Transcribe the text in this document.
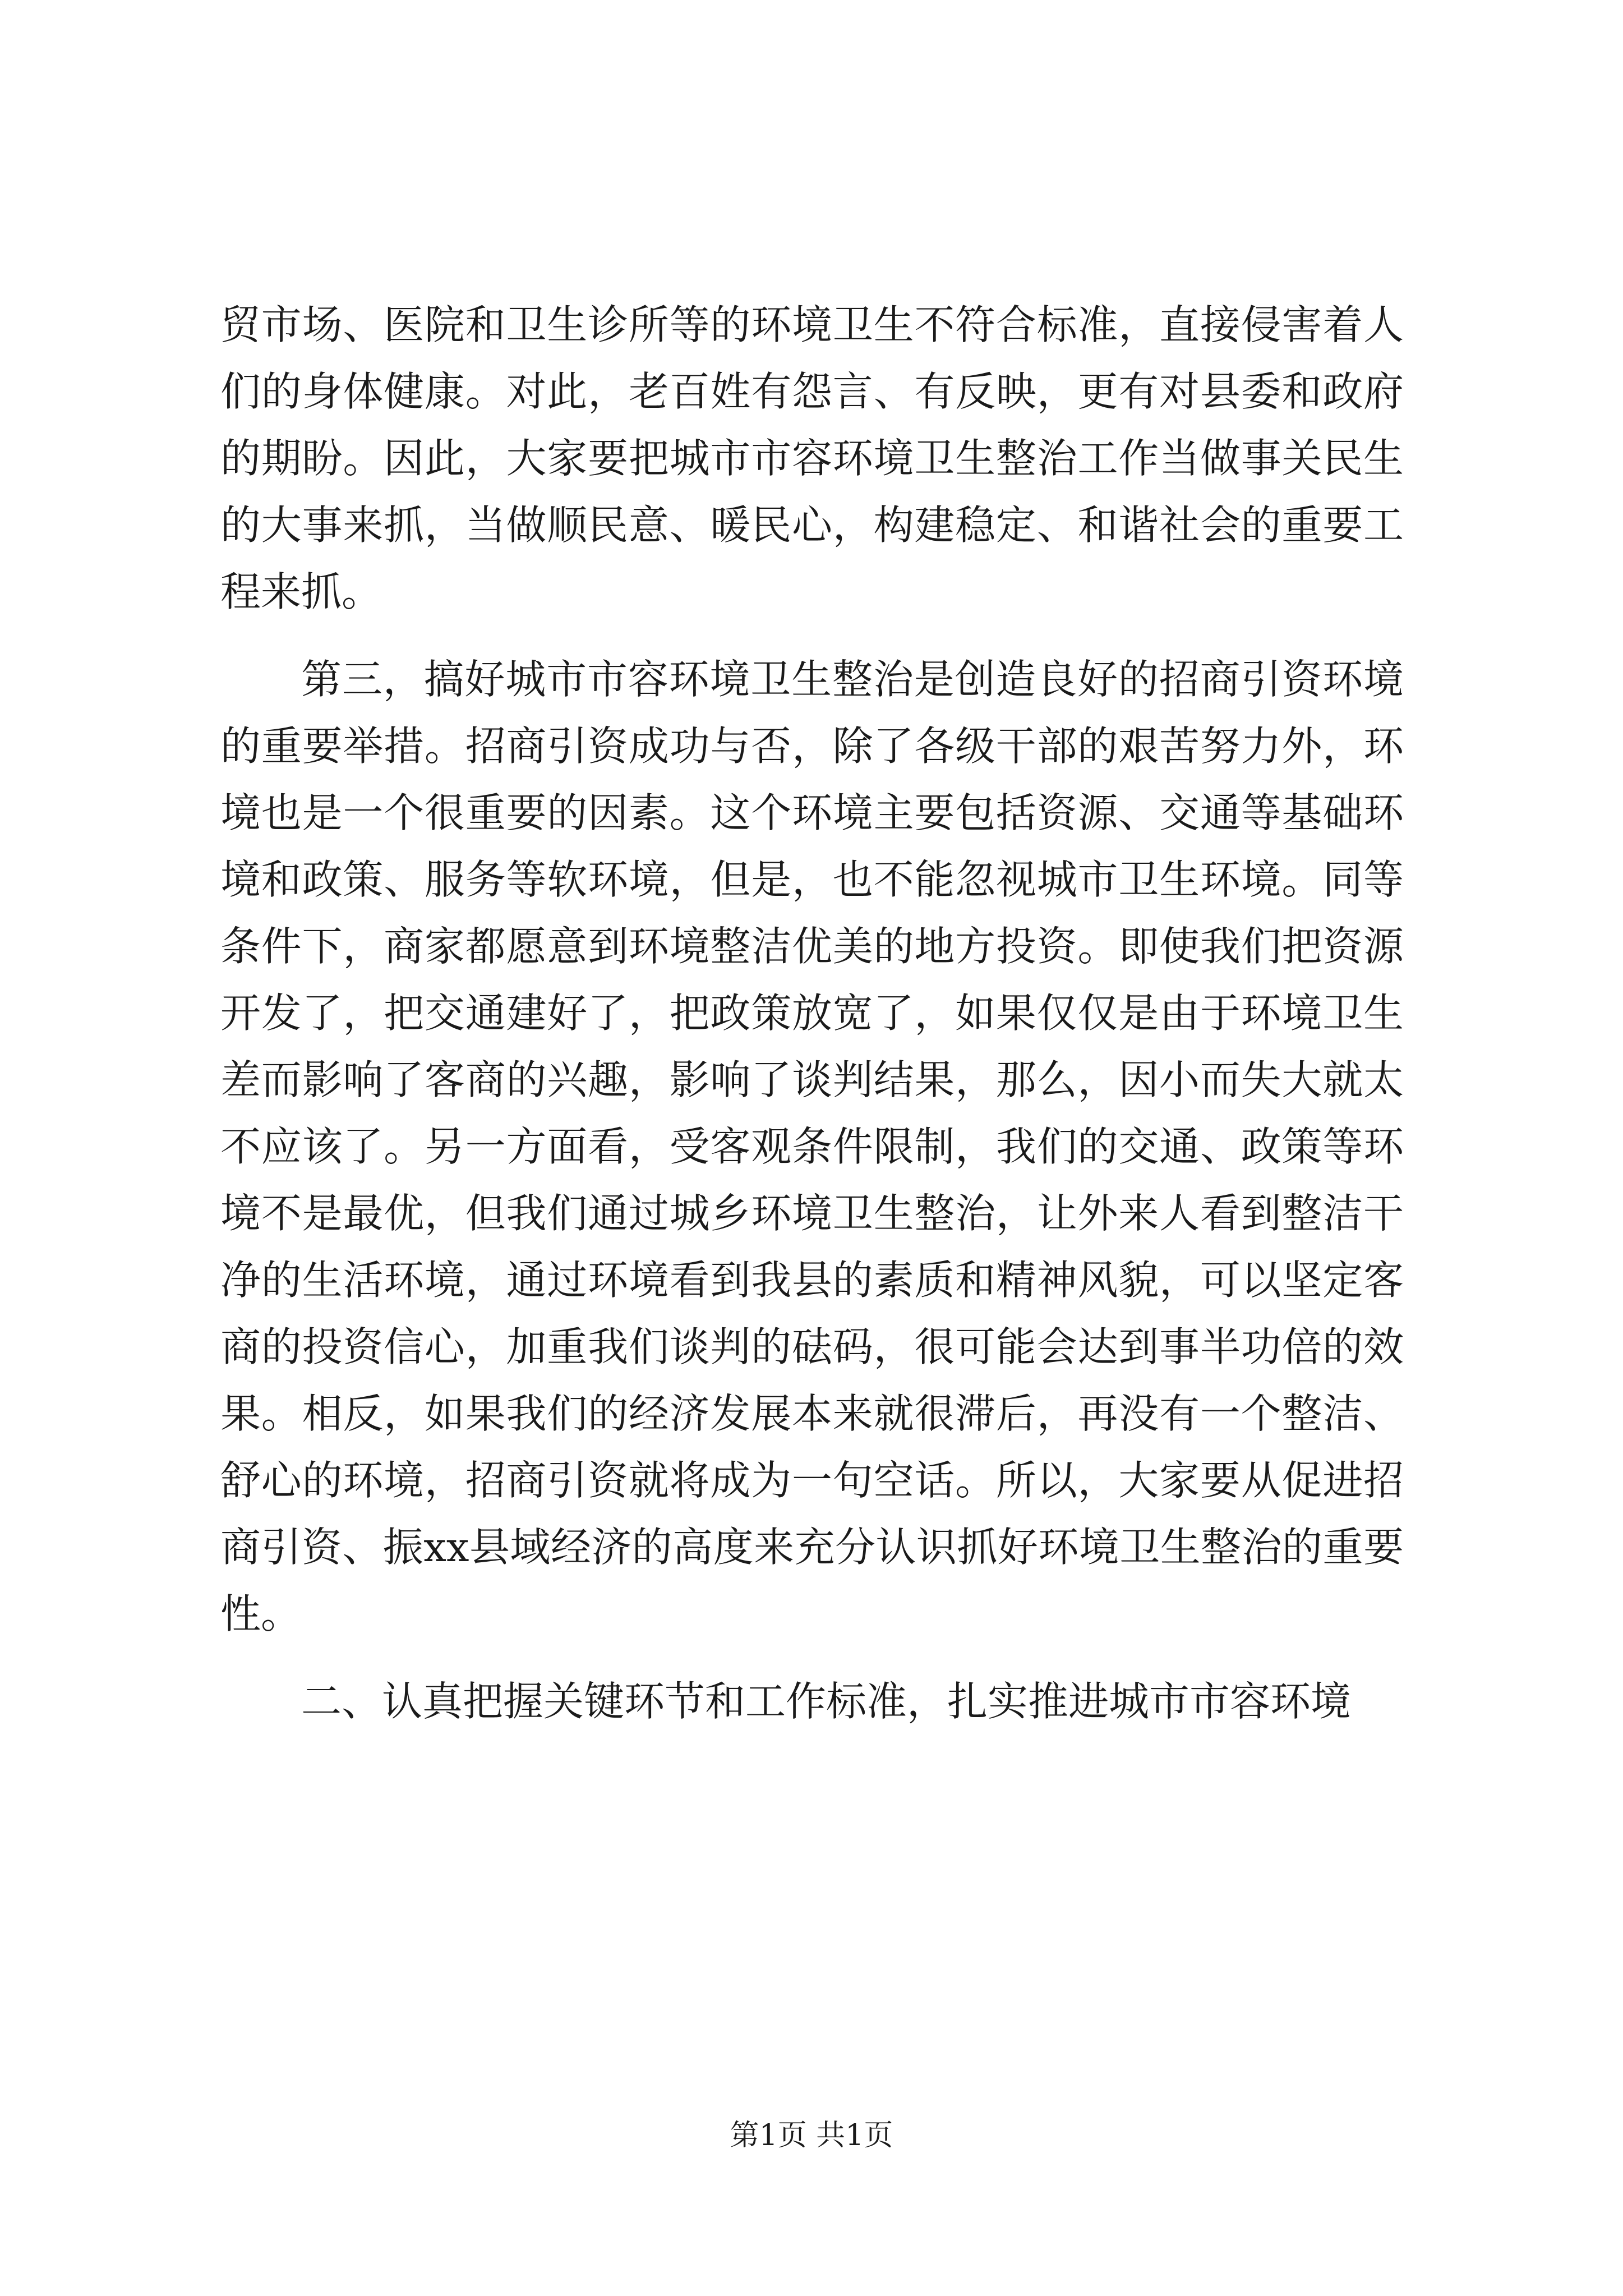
贸市场、医院和卫生诊所等的环境卫生不符合标准，直接侵害着人们的身体健康。对此，老百姓有怨言、有反映，更有对县委和政府的期盼。因此，大家要把城市市容环境卫生整治工作当做事关民生的大事来抓，当做顺民意、暖民心，构建稳定、和谐社会的重要工程来抓。

第三，搞好城市市容环境卫生整治是创造良好的招商引资环境的重要举措。招商引资成功与否，除了各级干部的艰苦努力外，环境也是一个很重要的因素。这个环境主要包括资源、交通等基础环境和政策、服务等软环境，但是，也不能忽视城市卫生环境。同等条件下，商家都愿意到环境整洁优美的地方投资。即使我们把资源开发了，把交通建好了，把政策放宽了，如果仅仅是由于环境卫生差而影响了客商的兴趣，影响了谈判结果，那么，因小而失大就太不应该了。另一方面看，受客观条件限制，我们的交通、政策等环境不是最优，但我们通过城乡环境卫生整治，让外来人看到整洁干净的生活环境，通过环境看到我县的素质和精神风貌，可以坚定客商的投资信心，加重我们谈判的砝码，很可能会达到事半功倍的效果。相反，如果我们的经济发展本来就很滞后，再没有一个整洁、舒心的环境，招商引资就将成为一句空话。所以，大家要从促进招商引资、振xx县域经济的高度来充分认识抓好环境卫生整治的重要性。

二、认真把握关键环节和工作标准，扎实推进城市市容环境

第1页 共1页
